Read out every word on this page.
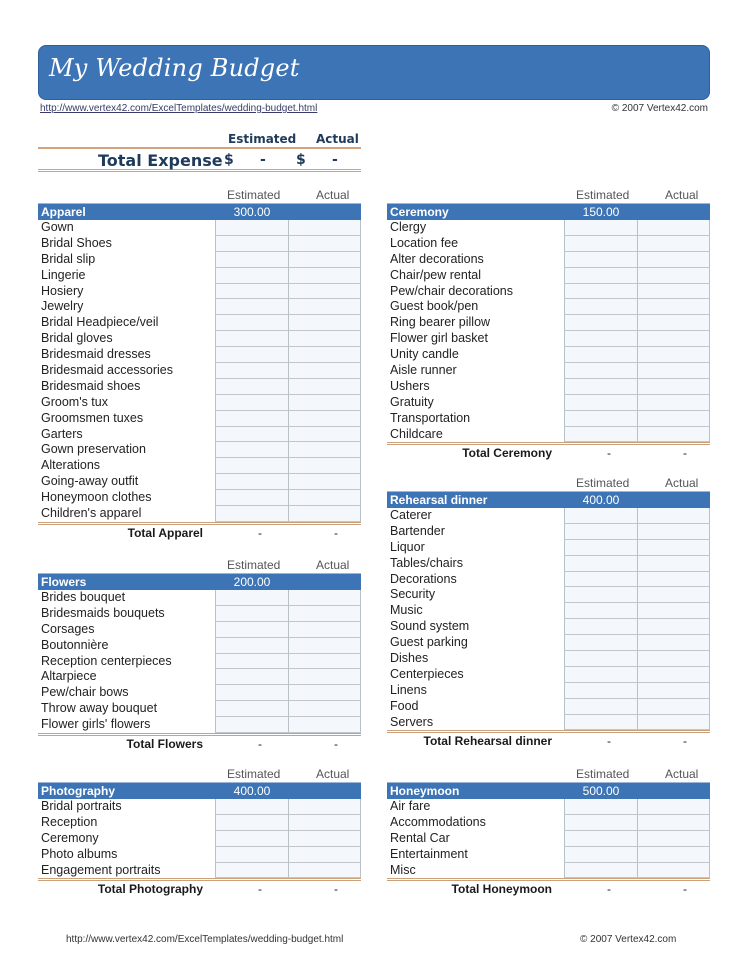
My Wedding Budget
http://www.vertex42.com/ExcelTemplates/wedding-budget.html	© 2007 Vertex42.com
Estimated Actual
Total Expense $ - $ -
Estimated	Actual
Apparel	300.00
Gown
Bridal Shoes
Bridal slip
Lingerie
Hosiery
Jewelry
Bridal Headpiece/veil
Bridal gloves
Bridesmaid dresses
Bridesmaid accessories
Bridesmaid shoes
Groom's tux
Groomsmen tuxes
Garters
Gown preservation
Alterations
Going-away outfit
Honeymoon clothes
Children's apparel
Total Apparel	-	-
Estimated	Actual
Ceremony	150.00
Clergy
Location fee
Alter decorations
Chair/pew rental
Pew/chair decorations
Guest book/pen
Ring bearer pillow
Flower girl basket
Unity candle
Aisle runner
Ushers
Gratuity
Transportation
Childcare
Total Ceremony	-	-
Estimated	Actual
Flowers	200.00
Brides bouquet
Bridesmaids bouquets
Corsages
Boutonnière
Reception centerpieces
Altarpiece
Pew/chair bows
Throw away bouquet
Flower girls' flowers
Total Flowers	-	-
Estimated	Actual
Rehearsal dinner	400.00
Caterer
Bartender
Liquor
Tables/chairs
Decorations
Security
Music
Sound system
Guest parking
Dishes
Centerpieces
Linens
Food
Servers
Total Rehearsal dinner	-	-
Estimated	Actual
Photography	400.00
Bridal portraits
Reception
Ceremony
Photo albums
Engagement portraits
Total Photography	-	-
Estimated	Actual
Honeymoon	500.00
Air fare
Accommodations
Rental Car
Entertainment
Misc
Total Honeymoon	-	-
http://www.vertex42.com/ExcelTemplates/wedding-budget.html	© 2007 Vertex42.com
